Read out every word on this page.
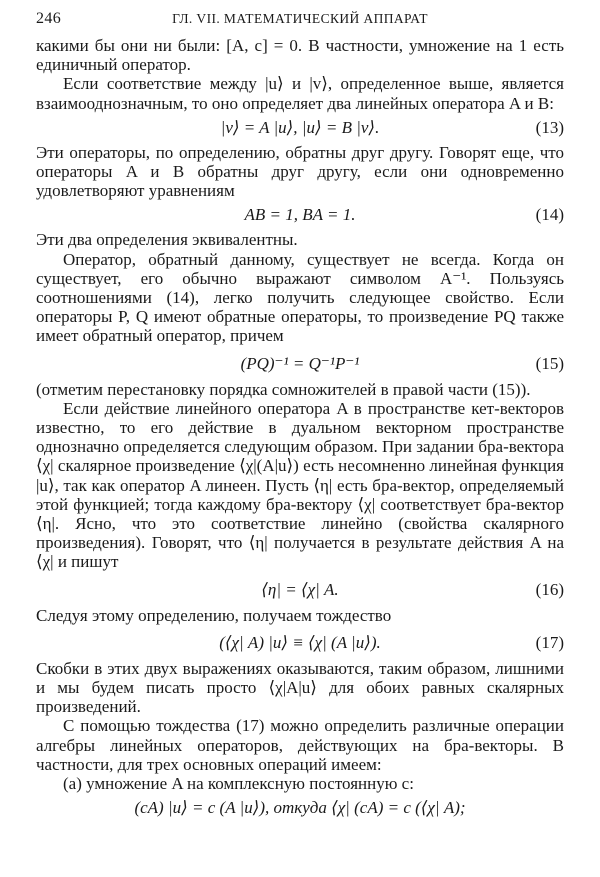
246	ГЛ. VII. МАТЕМАТИЧЕСКИЙ АППАРАТ

какими бы они ни были: [A, c] = 0. В частности, умножение на 1 есть единичный оператор.

Если соответствие между |u⟩ и |v⟩, определенное выше, является взаимооднозначным, то оно определяет два линейных оператора A и B:

|v⟩ = A |u⟩, |u⟩ = B |v⟩.	(13)

Эти операторы, по определению, обратны друг другу. Говорят еще, что операторы A и B обратны друг другу, если они одновременно удовлетворяют уравнениям

AB = 1, BA = 1.	(14)

Эти два определения эквивалентны.

Оператор, обратный данному, существует не всегда. Когда он существует, его обычно выражают символом A⁻¹. Пользуясь соотношениями (14), легко получить следующее свойство. Если операторы P, Q имеют обратные операторы, то произведение PQ также имеет обратный оператор, причем

(PQ)⁻¹ = Q⁻¹P⁻¹	(15)

(отметим перестановку порядка сомножителей в правой части (15)).

Если действие линейного оператора A в пространстве кет-векторов известно, то его действие в дуальном векторном пространстве однозначно определяется следующим образом. При задании бра-вектора ⟨χ| скалярное произведение ⟨χ|(A|u⟩) есть несомненно линейная функция |u⟩, так как оператор A линеен. Пусть ⟨η| есть бра-вектор, определяемый этой функцией; тогда каждому бра-вектору ⟨χ| соответствует бра-вектор ⟨η|. Ясно, что это соответствие линейно (свойства скалярного произведения). Говорят, что ⟨η| получается в результате действия A на ⟨χ| и пишут

⟨η| = ⟨χ| A.	(16)

Следуя этому определению, получаем тождество

(⟨χ| A) |u⟩ ≡ ⟨χ| (A |u⟩).	(17)

Скобки в этих двух выражениях оказываются, таким образом, лишними и мы будем писать просто ⟨χ|A|u⟩ для обоих равных скалярных произведений.

С помощью тождества (17) можно определить различные операции алгебры линейных операторов, действующих на бра-векторы. В частности, для трех основных операций имеем:

(а) умножение A на комплексную постоянную c:

(cA) |u⟩ = c (A |u⟩), откуда ⟨χ| (cA) = c (⟨χ| A);
